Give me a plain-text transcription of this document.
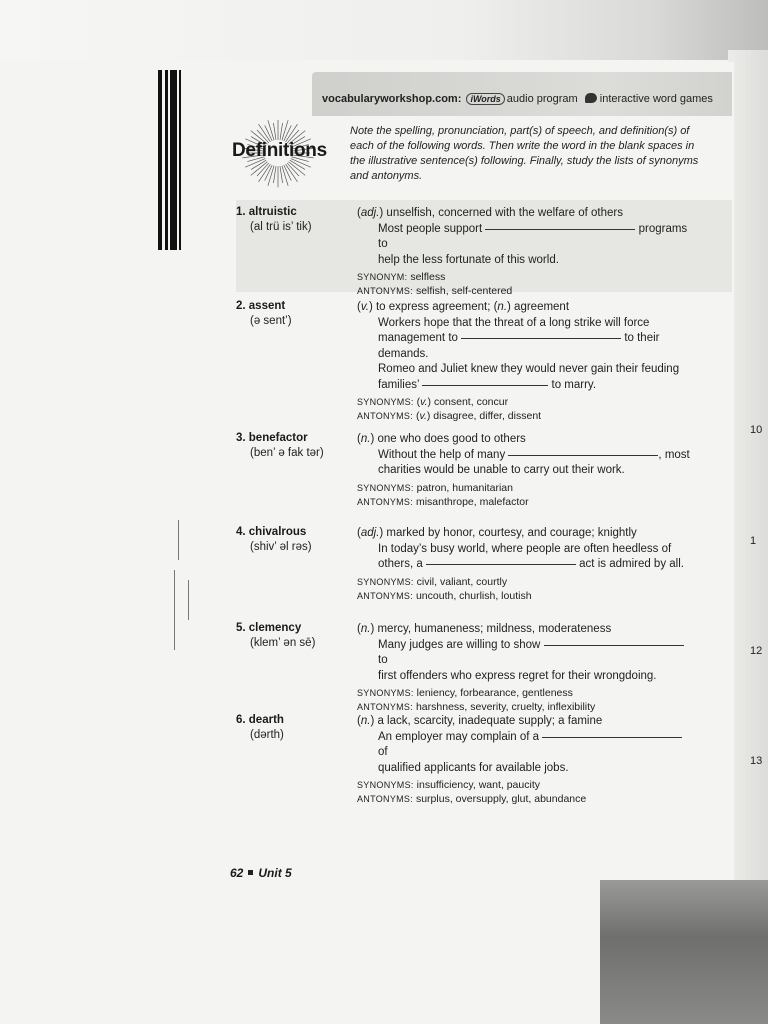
vocabularyworkshop.com: iWords audio program interactive word games
Definitions
Note the spelling, pronunciation, part(s) of speech, and definition(s) of each of the following words. Then write the word in the blank spaces in the illustrative sentence(s) following. Finally, study the lists of synonyms and antonyms.
1. altruistic
(al trü is’ tik)
(adj.) unselfish, concerned with the welfare of others
Most people support	programs to
help the less fortunate of this world.
SYNONYM: selfless
ANTONYMS: selfish, self-centered
2. assent
(ə sent’)
(v.) to express agreement; (n.) agreement
Workers hope that the threat of a long strike will force
management to	to their demands.
Romeo and Juliet knew they would never gain their feuding
families’	to marry.
SYNONYMS: (v.) consent, concur
ANTONYMS: (v.) disagree, differ, dissent
3. benefactor
(ben’ ə fak tər)
(n.) one who does good to others
Without the help of many	, most
charities would be unable to carry out their work.
SYNONYMS: patron, humanitarian
ANTONYMS: misanthrope, malefactor
4. chivalrous
(shiv’ əl rəs)
(adj.) marked by honor, courtesy, and courage; knightly
In today’s busy world, where people are often heedless of
others, a	act is admired by all.
SYNONYMS: civil, valiant, courtly
ANTONYMS: uncouth, churlish, loutish
5. clemency
(klem’ ən sē)
(n.) mercy, humaneness; mildness, moderateness
Many judges are willing to show  to
first offenders who express regret for their wrongdoing.
SYNONYMS: leniency, forbearance, gentleness
ANTONYMS: harshness, severity, cruelty, inflexibility
6. dearth
(dərth)
(n.) a lack, scarcity, inadequate supply; a famine
An employer may complain of a  of
qualified applicants for available jobs.
SYNONYMS: insufficiency, want, paucity
ANTONYMS: surplus, oversupply, glut, abundance
62 Unit 5
10
1
12
13
